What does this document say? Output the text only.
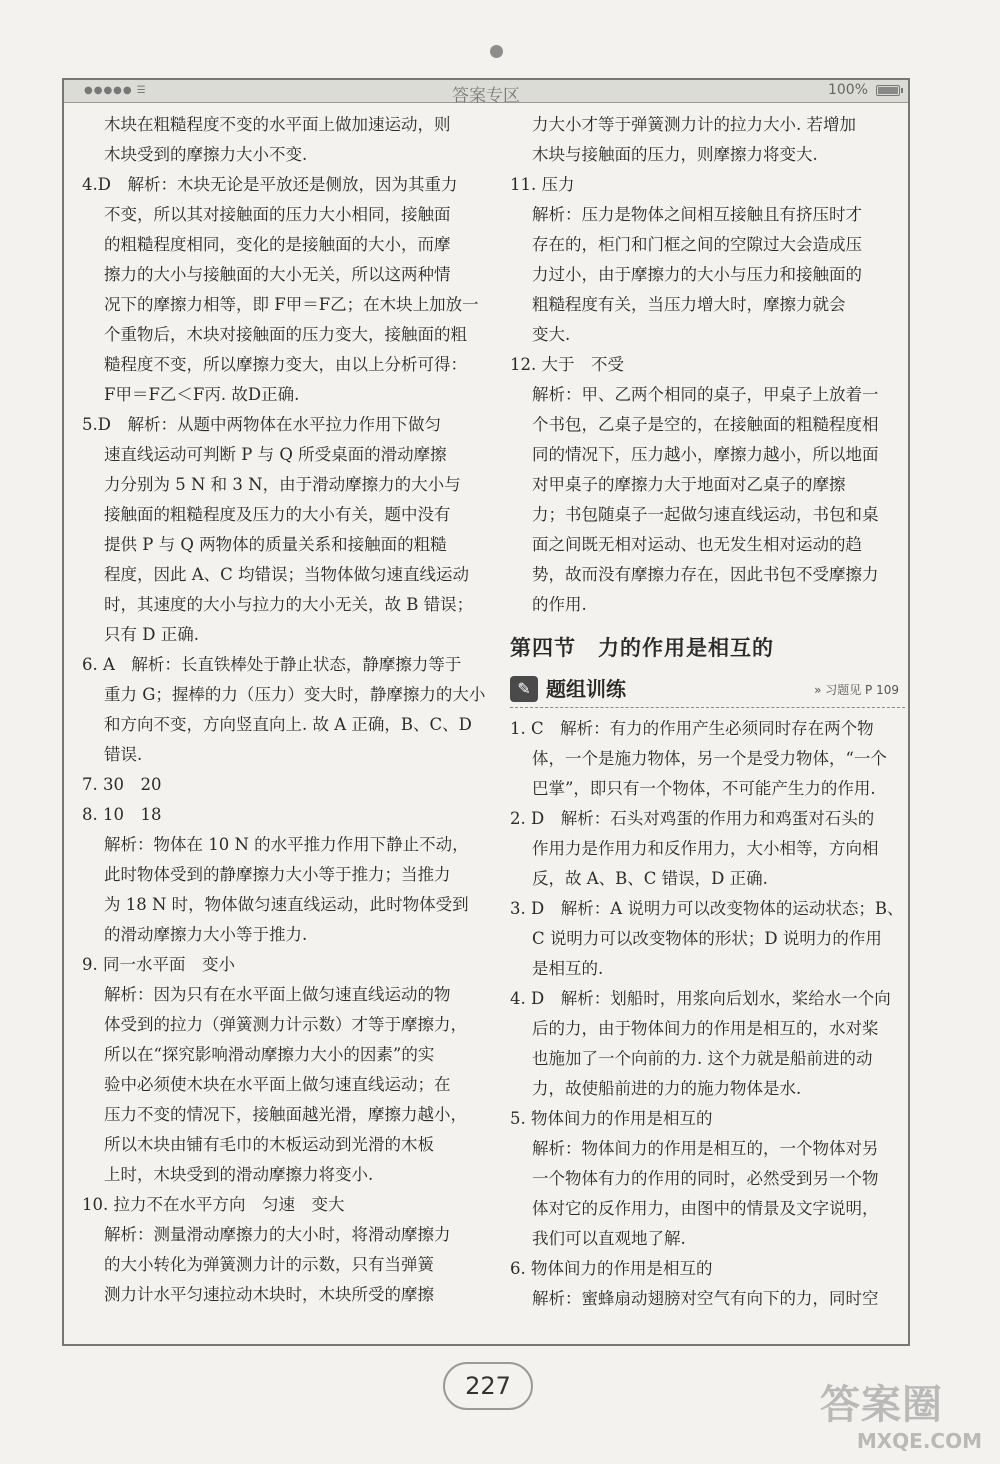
●●●●● ☰	答案专区	100%
木块在粗糙程度不变的水平面上做加速运动，则
木块受到的摩擦力大小不变.
4.D　解析：木块无论是平放还是侧放，因为其重力
不变，所以其对接触面的压力大小相同，接触面
的粗糙程度相同，变化的是接触面的大小，而摩
擦力的大小与接触面的大小无关，所以这两种情
况下的摩擦力相等，即 F甲＝F乙；在木块上加放一
个重物后，木块对接触面的压力变大，接触面的粗
糙程度不变，所以摩擦力变大，由以上分析可得：
F甲＝F乙＜F丙. 故D正确.
5.D　解析：从题中两物体在水平拉力作用下做匀
速直线运动可判断 P 与 Q 所受桌面的滑动摩擦
力分别为 5 N 和 3 N，由于滑动摩擦力的大小与
接触面的粗糙程度及压力的大小有关，题中没有
提供 P 与 Q 两物体的质量关系和接触面的粗糙
程度，因此 A、C 均错误；当物体做匀速直线运动
时，其速度的大小与拉力的大小无关，故 B 错误；
只有 D 正确.
6. A　解析：长直铁棒处于静止状态，静摩擦力等于
重力 G；握棒的力（压力）变大时，静摩擦力的大小
和方向不变，方向竖直向上. 故 A 正确，B、C、D
错误.
7. 30　20
8. 10　18
解析：物体在 10 N 的水平推力作用下静止不动，
此时物体受到的静摩擦力大小等于推力；当推力
为 18 N 时，物体做匀速直线运动，此时物体受到
的滑动摩擦力大小等于推力.
9. 同一水平面　变小
解析：因为只有在水平面上做匀速直线运动的物
体受到的拉力（弹簧测力计示数）才等于摩擦力，
所以在“探究影响滑动摩擦力大小的因素”的实
验中必须使木块在水平面上做匀速直线运动；在
压力不变的情况下，接触面越光滑，摩擦力越小，
所以木块由铺有毛巾的木板运动到光滑的木板
上时，木块受到的滑动摩擦力将变小.
10. 拉力不在水平方向　匀速　变大
解析：测量滑动摩擦力的大小时，将滑动摩擦力
的大小转化为弹簧测力计的示数，只有当弹簧
测力计水平匀速拉动木块时，木块所受的摩擦
力大小才等于弹簧测力计的拉力大小. 若增加
木块与接触面的压力，则摩擦力将变大.
11. 压力
解析：压力是物体之间相互接触且有挤压时才
存在的，柜门和门框之间的空隙过大会造成压
力过小，由于摩擦力的大小与压力和接触面的
粗糙程度有关，当压力增大时，摩擦力就会
变大.
12. 大于　不受
解析：甲、乙两个相同的桌子，甲桌子上放着一
个书包，乙桌子是空的，在接触面的粗糙程度相
同的情况下，压力越小，摩擦力越小，所以地面
对甲桌子的摩擦力大于地面对乙桌子的摩擦
力；书包随桌子一起做匀速直线运动，书包和桌
面之间既无相对运动、也无发生相对运动的趋
势，故而没有摩擦力存在，因此书包不受摩擦力
的作用.
第四节　力的作用是相互的
✎ 题组训练	» 习题见 P 109
1. C　解析：有力的作用产生必须同时存在两个物
体，一个是施力物体，另一个是受力物体，“一个
巴掌”，即只有一个物体，不可能产生力的作用.
2. D　解析：石头对鸡蛋的作用力和鸡蛋对石头的
作用力是作用力和反作用力，大小相等，方向相
反，故 A、B、C 错误，D 正确.
3. D　解析：A 说明力可以改变物体的运动状态；B、
C 说明力可以改变物体的形状；D 说明力的作用
是相互的.
4. D　解析：划船时，用浆向后划水，桨给水一个向
后的力，由于物体间力的作用是相互的，水对桨
也施加了一个向前的力. 这个力就是船前进的动
力，故使船前进的力的施力物体是水.
5. 物体间力的作用是相互的
解析：物体间力的作用是相互的，一个物体对另
一个物体有力的作用的同时，必然受到另一个物
体对它的反作用力，由图中的情景及文字说明，
我们可以直观地了解.
6. 物体间力的作用是相互的
解析：蜜蜂扇动翅膀对空气有向下的力，同时空
227	答案圈
MXQE.COM
